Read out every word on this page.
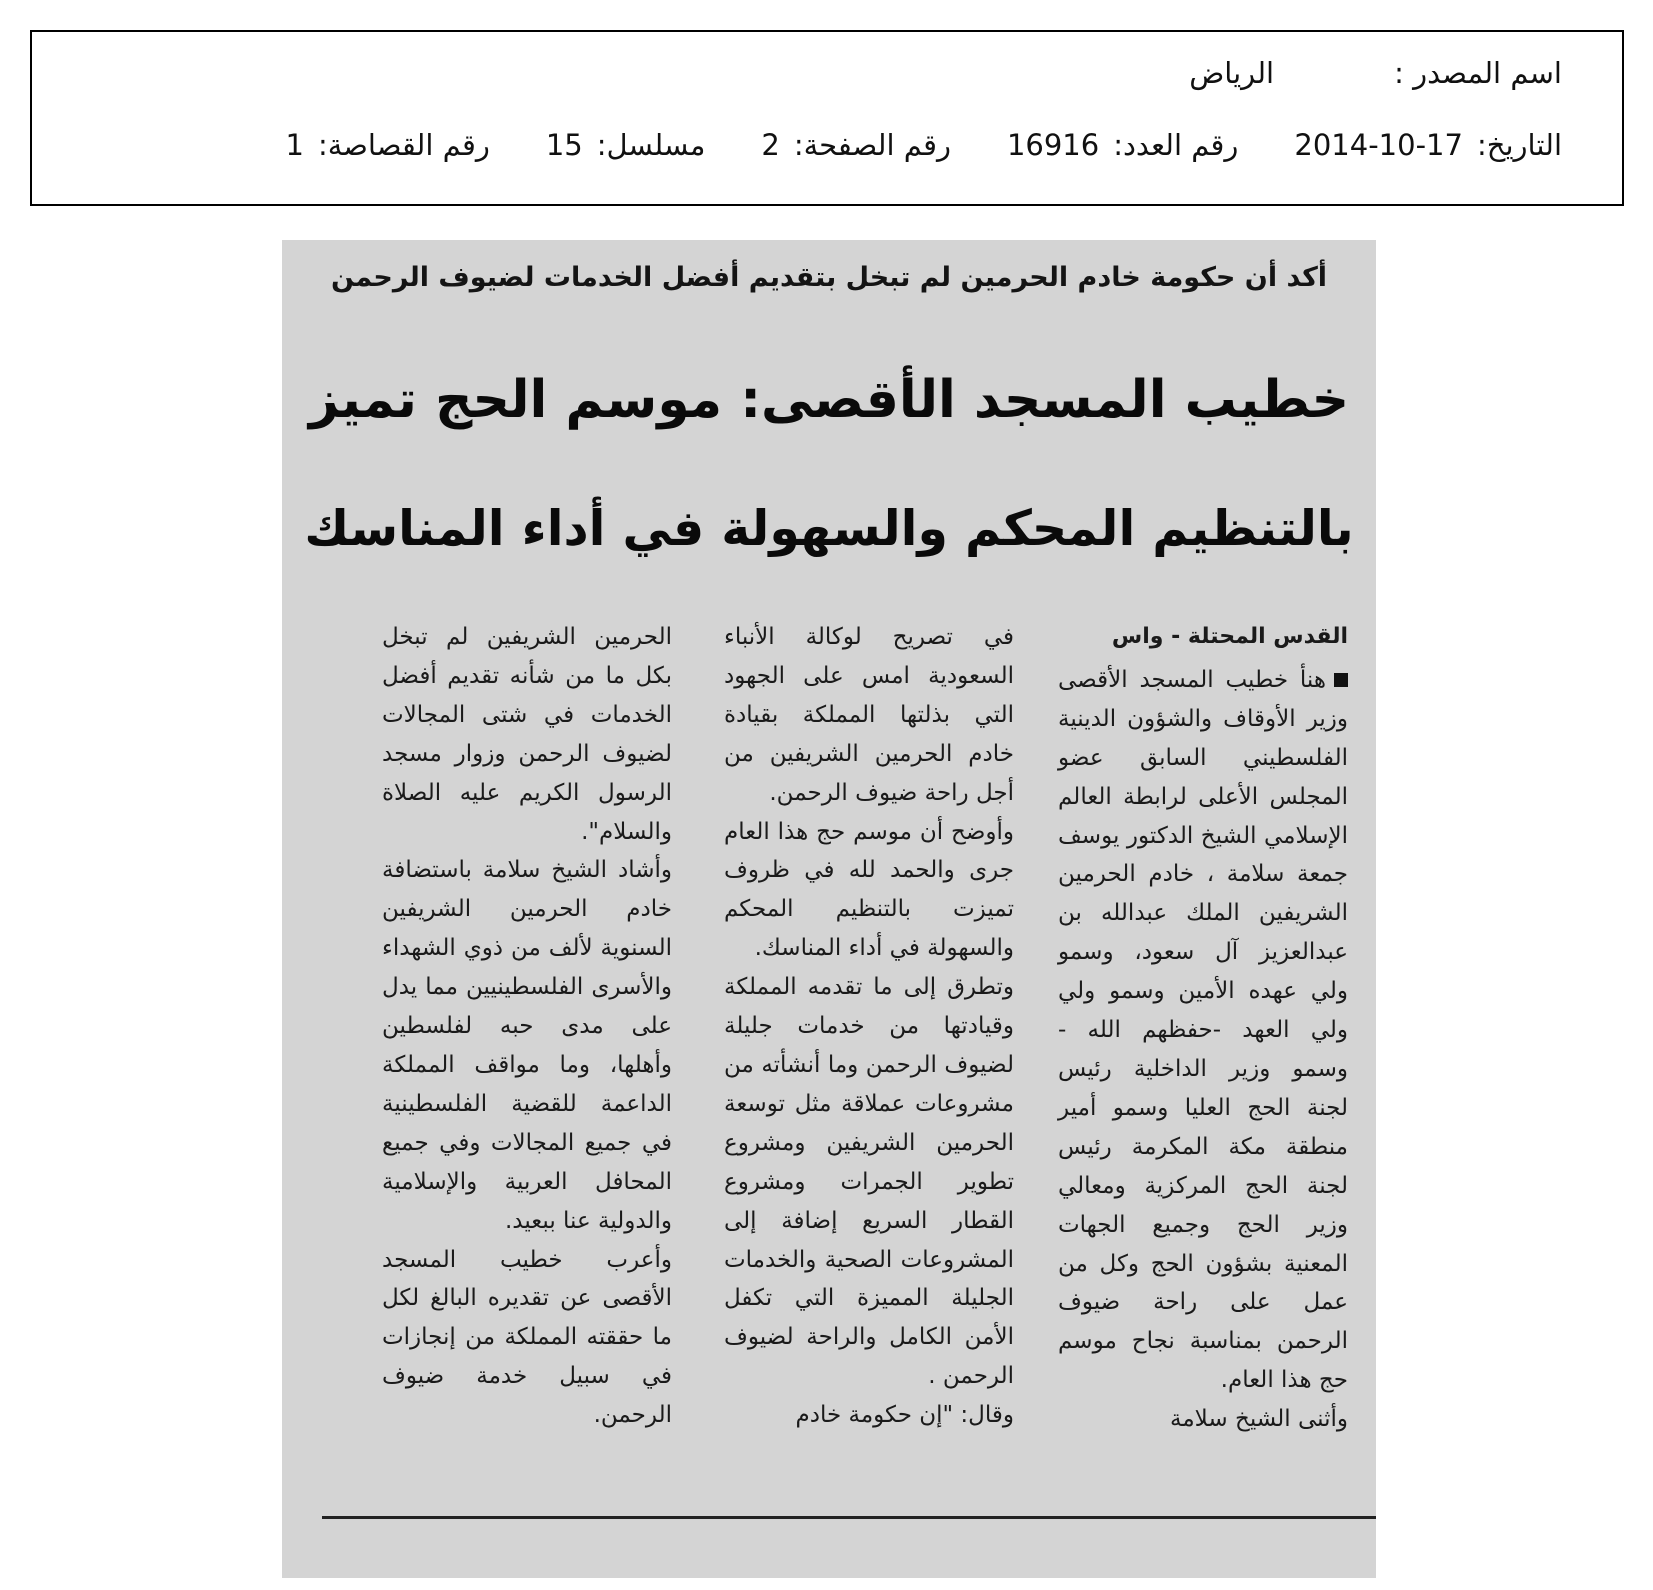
اسم المصدر :
الرياض
التاريخ:
2014-10-17
رقم العدد:
16916
رقم الصفحة:
2
مسلسل:
15
رقم القصاصة:
1
أكد أن حكومة خادم الحرمين لم تبخل بتقديم أفضل الخدمات لضيوف الرحمن
خطيب المسجد الأقصى: موسم الحج تميز
بالتنظيم المحكم والسهولة في أداء المناسك

القدس المحتلة - واس

هنأ خطيب المسجد الأقصى وزير الأوقاف والشؤون الدينية الفلسطيني السابق عضو المجلس الأعلى لرابطة العالم الإسلامي الشيخ الدكتور يوسف جمعة سلامة ، خادم الحرمين الشريفين الملك عبدالله بن عبدالعزيز آل سعود، وسمو ولي عهده الأمين وسمو ولي ولي العهد -حفظهم الله - وسمو وزير الداخلية رئيس لجنة الحج العليا وسمو أمير منطقة مكة المكرمة رئيس لجنة الحج المركزية ومعالي وزير الحج وجميع الجهات المعنية بشؤون الحج وكل من عمل على راحة ضيوف الرحمن بمناسبة نجاح موسم حج هذا العام.

وأثنى الشيخ سلامة

في تصريح لوكالة الأنباء السعودية امس على الجهود التي بذلتها المملكة بقيادة خادم الحرمين الشريفين من أجل راحة ضيوف الرحمن.

وأوضح أن موسم حج هذا العام جرى والحمد لله في ظروف تميزت بالتنظيم المحكم والسهولة في أداء المناسك.

وتطرق إلى ما تقدمه المملكة وقيادتها من خدمات جليلة لضيوف الرحمن وما أنشأته من مشروعات عملاقة مثل توسعة الحرمين الشريفين ومشروع تطوير الجمرات ومشروع القطار السريع إضافة إلى المشروعات الصحية والخدمات الجليلة المميزة التي تكفل الأمن الكامل والراحة لضيوف الرحمن .

وقال: "إن حكومة خادم

الحرمين الشريفين لم تبخل بكل ما من شأنه تقديم أفضل الخدمات في شتى المجالات لضيوف الرحمن وزوار مسجد الرسول الكريم عليه الصلاة والسلام".

وأشاد الشيخ سلامة باستضافة خادم الحرمين الشريفين السنوية لألف من ذوي الشهداء والأسرى الفلسطينيين مما يدل على مدى حبه لفلسطين وأهلها، وما مواقف المملكة الداعمة للقضية الفلسطينية في جميع المجالات وفي جميع المحافل العربية والإسلامية والدولية عنا ببعيد.

وأعرب خطيب المسجد الأقصى عن تقديره البالغ لكل ما حققته المملكة من إنجازات في سبيل خدمة ضيوف الرحمن.
